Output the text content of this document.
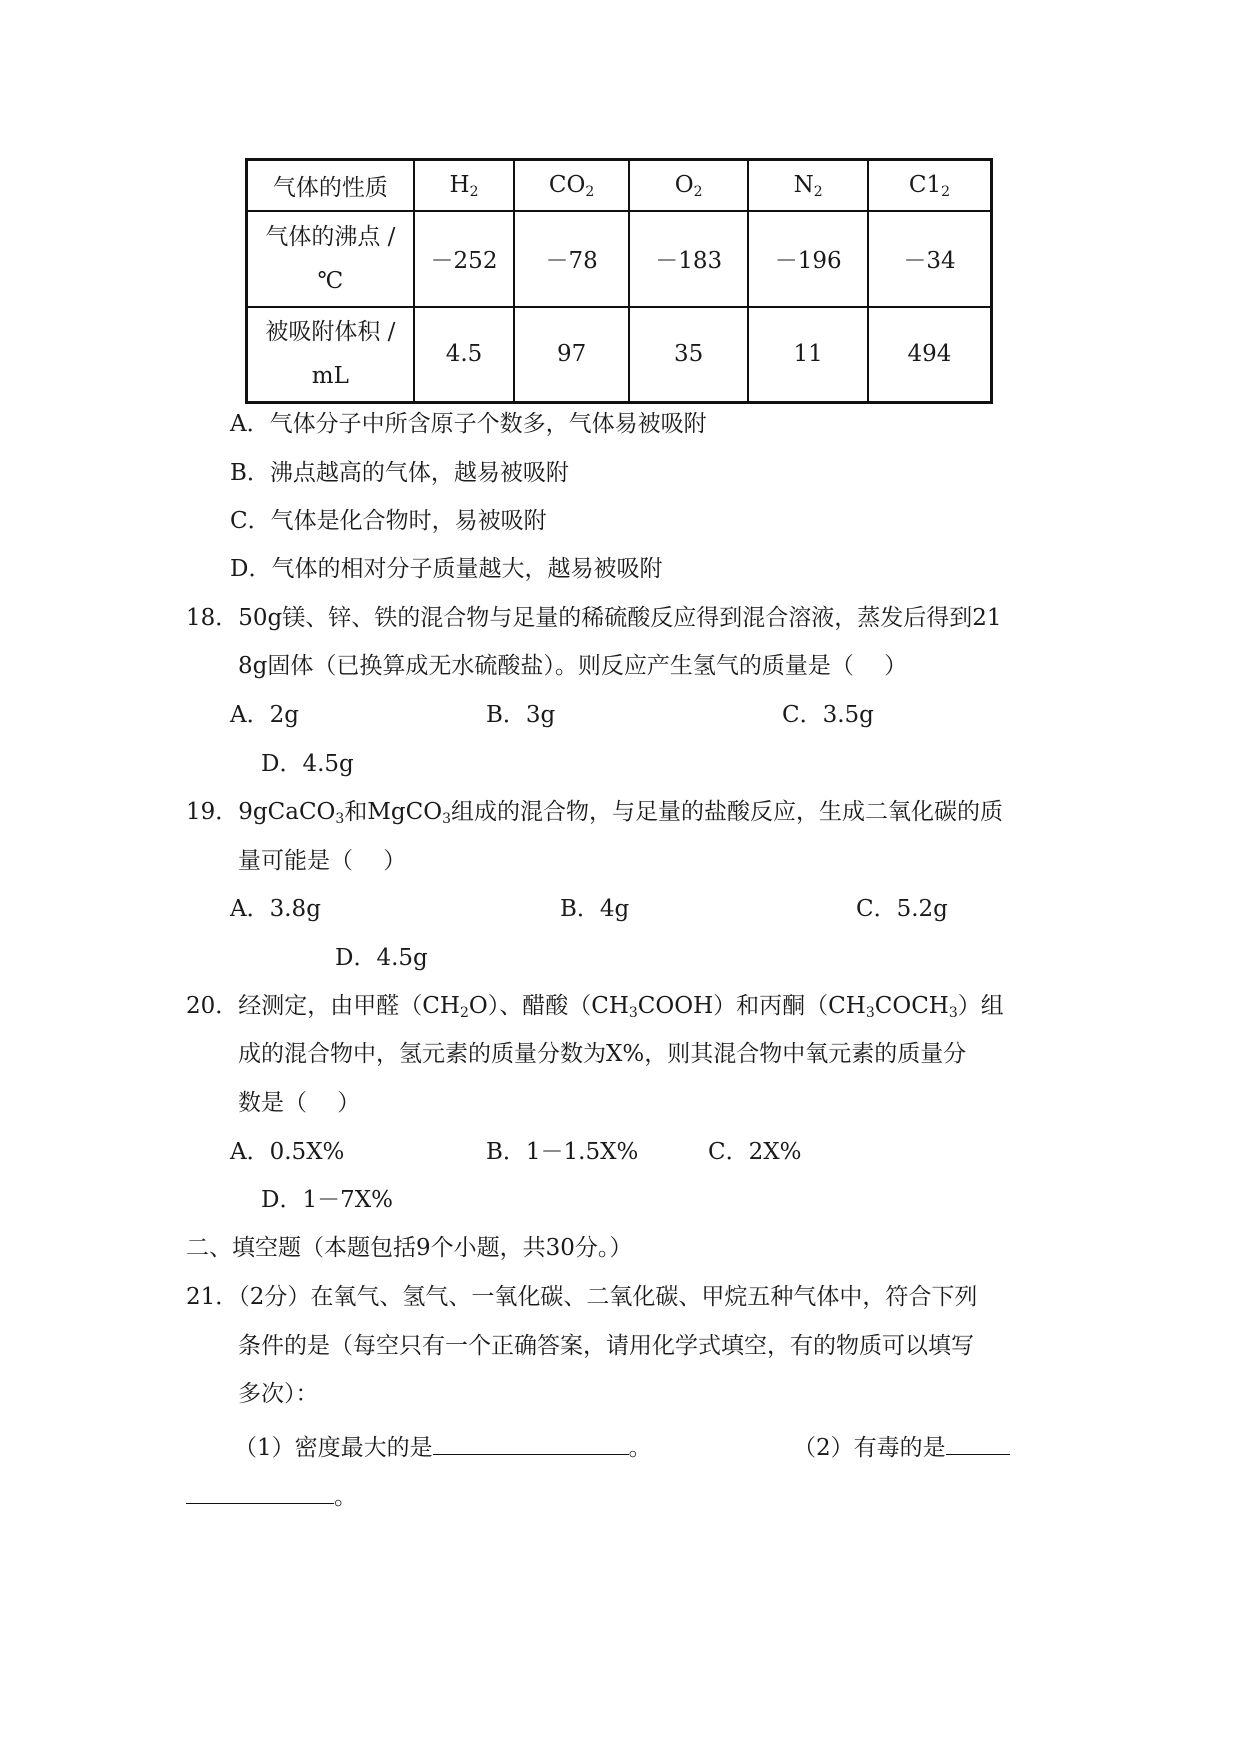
气体的性质	$H_2$	$CO_2$	$O_2$	$N_2$	$C1_2$
气体的沸点 /
℃	－252	－78	－183	－196	－34
被吸附体积 /
mL	4.5	97	35	11	494
A．气体分子中所含原子个数多，气体易被吸附
B．沸点越高的气体，越易被吸附
C．气体是化合物时，易被吸附
D．气体的相对分子质量越大，越易被吸附
18．50g镁、锌、铁的混合物与足量的稀硫酸反应得到混合溶液，蒸发后得到21
8g固体（已换算成无水硫酸盐）。则反应产生氢气的质量是（　 ）
A．2g	B．3g	C．3.5g
D．4.5g
19．9gCaCO$_3$和MgCO$_3$组成的混合物，与足量的盐酸反应，生成二氧化碳的质
量可能是（　 ）
A．3.8g	B．4g	C．5.2g
D．4.5g
20．经测定，由甲醛$(CH_2O)$、醋酸$(CH_3COOH)$和丙酮$(CH_3COCH_3)$组
成的混合物中，氢元素的质量分数为X%，则其混合物中氧元素的质量分
数是（　 ）
A．0.5X%	B．1－1.5X%	C．2X%
D．1－7X%
二、填空题（本题包括9个小题，共30分。）
21．（2分）在氧气、氢气、一氧化碳、二氧化碳、甲烷五种气体中，符合下列
条件的是（每空只有一个正确答案，请用化学式填空，有的物质可以填写
多次）：
（1）密度最大的是	。	（2）有毒的是
。
